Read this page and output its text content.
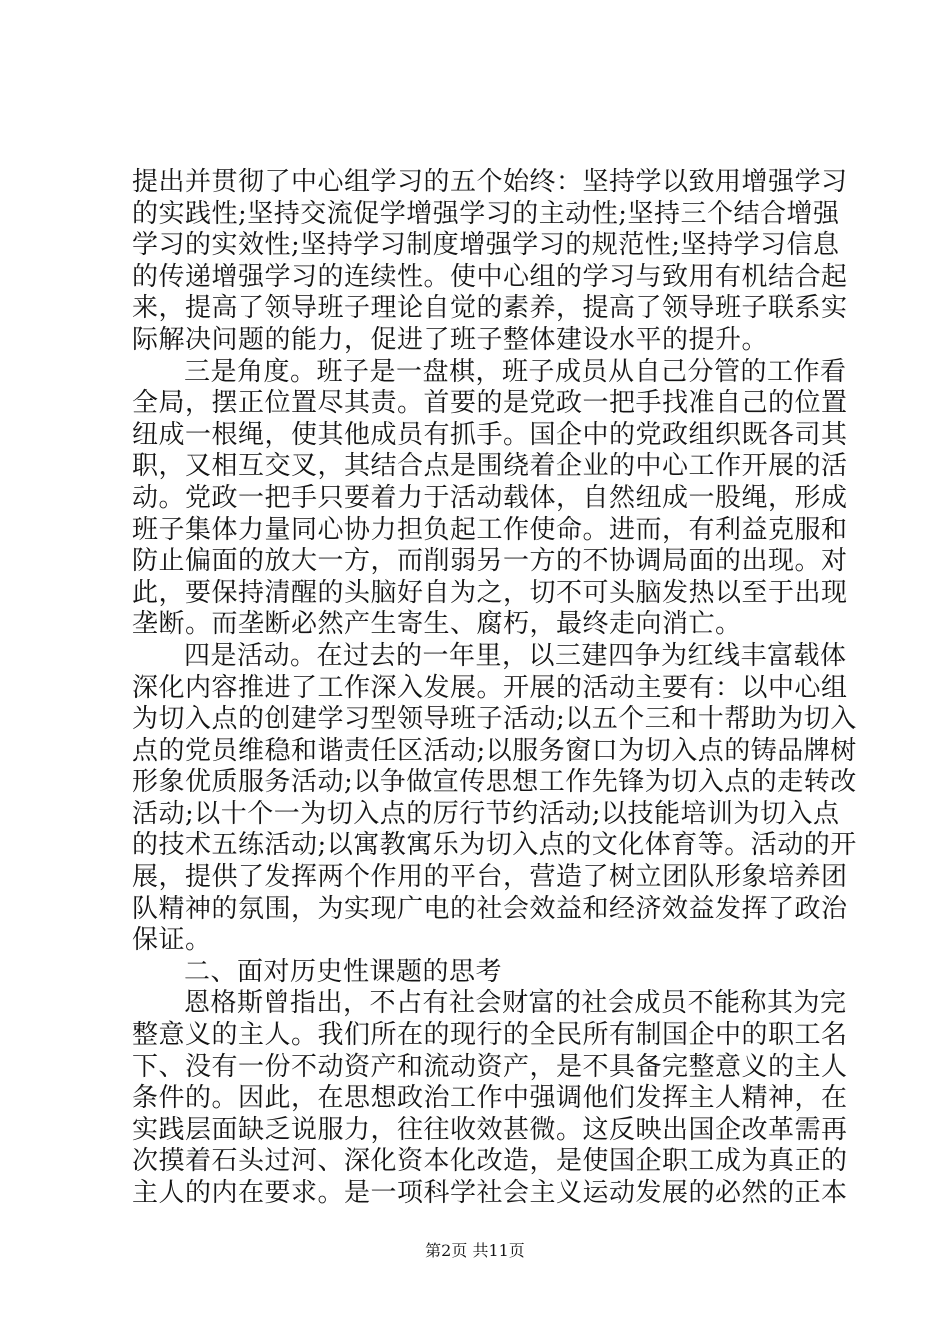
提出并贯彻了中心组学习的五个始终：坚持学以致用增强学习
的实践性;坚持交流促学增强学习的主动性;坚持三个结合增强
学习的实效性;坚持学习制度增强学习的规范性;坚持学习信息
的传递增强学习的连续性。使中心组的学习与致用有机结合起
来，提高了领导班子理论自觉的素养，提高了领导班子联系实
际解决问题的能力，促进了班子整体建设水平的提升。
三是角度。班子是一盘棋，班子成员从自己分管的工作看
全局，摆正位置尽其责。首要的是党政一把手找准自己的位置
纽成一根绳，使其他成员有抓手。国企中的党政组织既各司其
职，又相互交叉，其结合点是围绕着企业的中心工作开展的活
动。党政一把手只要着力于活动载体，自然纽成一股绳，形成
班子集体力量同心协力担负起工作使命。进而，有利益克服和
防止偏面的放大一方，而削弱另一方的不协调局面的出现。对
此，要保持清醒的头脑好自为之，切不可头脑发热以至于出现
垄断。而垄断必然产生寄生、腐朽，最终走向消亡。
四是活动。在过去的一年里，以三建四争为红线丰富载体
深化内容推进了工作深入发展。开展的活动主要有：以中心组
为切入点的创建学习型领导班子活动;以五个三和十帮助为切入
点的党员维稳和谐责任区活动;以服务窗口为切入点的铸品牌树
形象优质服务活动;以争做宣传思想工作先锋为切入点的走转改
活动;以十个一为切入点的厉行节约活动;以技能培训为切入点
的技术五练活动;以寓教寓乐为切入点的文化体育等。活动的开
展，提供了发挥两个作用的平台，营造了树立团队形象培养团
队精神的氛围，为实现广电的社会效益和经济效益发挥了政治
保证。
二、面对历史性课题的思考
恩格斯曾指出，不占有社会财富的社会成员不能称其为完
整意义的主人。我们所在的现行的全民所有制国企中的职工名
下、没有一份不动资产和流动资产，是不具备完整意义的主人
条件的。因此，在思想政治工作中强调他们发挥主人精神，在
实践层面缺乏说服力，往往收效甚微。这反映出国企改革需再
次摸着石头过河、深化资本化改造，是使国企职工成为真正的
主人的内在要求。是一项科学社会主义运动发展的必然的正本
第2页 共11页
